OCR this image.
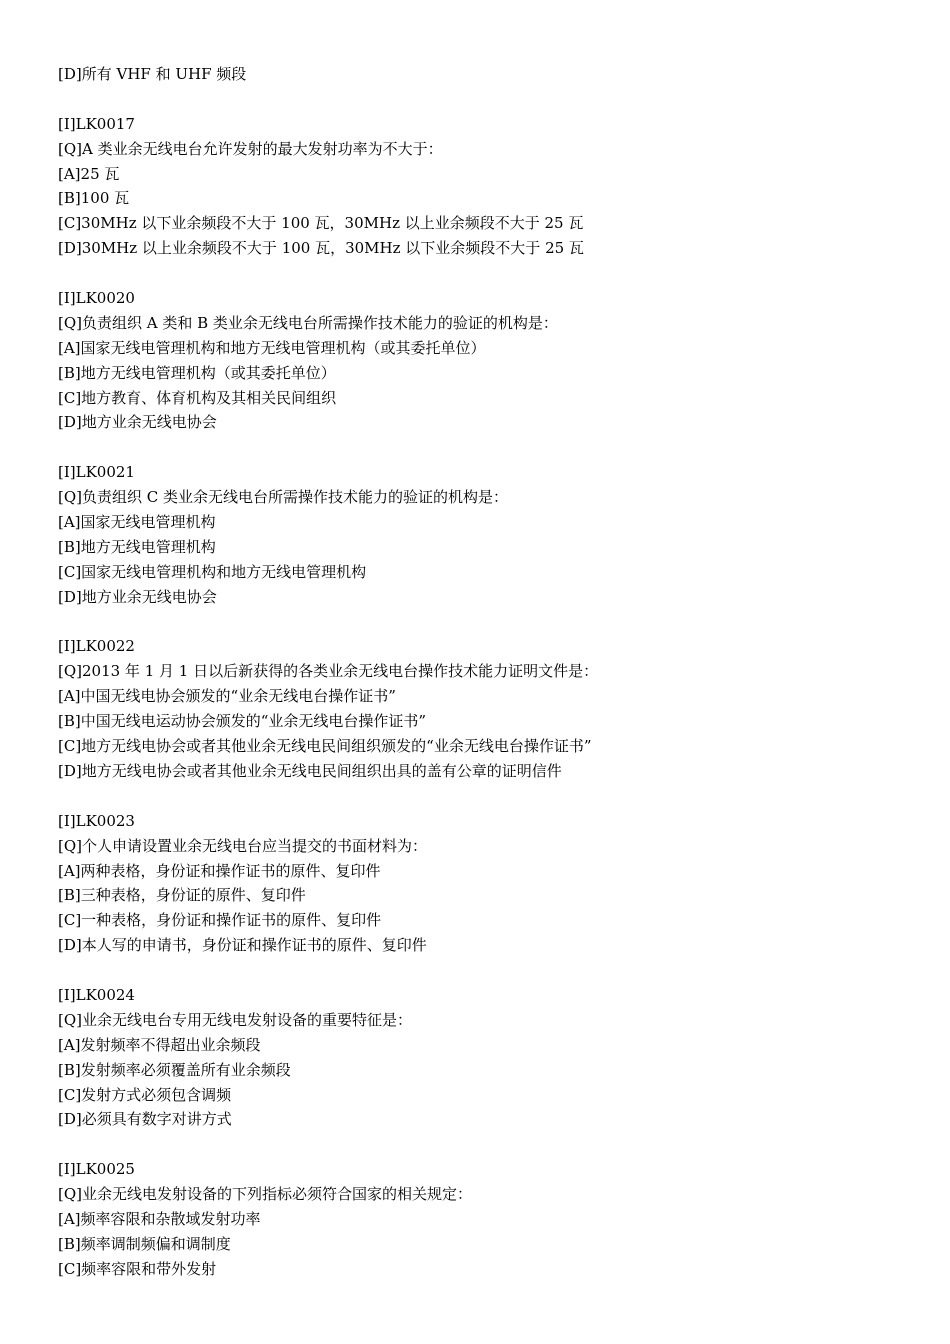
[D]所有 VHF 和 UHF 频段
[I]LK0017
[Q]A 类业余无线电台允许发射的最大发射功率为不大于：
[A]25 瓦
[B]100 瓦
[C]30MHz 以下业余频段不大于 100 瓦，30MHz 以上业余频段不大于 25 瓦
[D]30MHz 以上业余频段不大于 100 瓦，30MHz 以下业余频段不大于 25 瓦
[I]LK0020
[Q]负责组织 A 类和 B 类业余无线电台所需操作技术能力的验证的机构是：
[A]国家无线电管理机构和地方无线电管理机构（或其委托单位）
[B]地方无线电管理机构（或其委托单位）
[C]地方教育、体育机构及其相关民间组织
[D]地方业余无线电协会
[I]LK0021
[Q]负责组织 C 类业余无线电台所需操作技术能力的验证的机构是：
[A]国家无线电管理机构
[B]地方无线电管理机构
[C]国家无线电管理机构和地方无线电管理机构
[D]地方业余无线电协会
[I]LK0022
[Q]2013 年 1 月 1 日以后新获得的各类业余无线电台操作技术能力证明文件是：
[A]中国无线电协会颁发的“业余无线电台操作证书”
[B]中国无线电运动协会颁发的“业余无线电台操作证书”
[C]地方无线电协会或者其他业余无线电民间组织颁发的“业余无线电台操作证书”
[D]地方无线电协会或者其他业余无线电民间组织出具的盖有公章的证明信件
[I]LK0023
[Q]个人申请设置业余无线电台应当提交的书面材料为：
[A]两种表格，身份证和操作证书的原件、复印件
[B]三种表格，身份证的原件、复印件
[C]一种表格，身份证和操作证书的原件、复印件
[D]本人写的申请书，身份证和操作证书的原件、复印件
[I]LK0024
[Q]业余无线电台专用无线电发射设备的重要特征是：
[A]发射频率不得超出业余频段
[B]发射频率必须覆盖所有业余频段
[C]发射方式必须包含调频
[D]必须具有数字对讲方式
[I]LK0025
[Q]业余无线电发射设备的下列指标必须符合国家的相关规定：
[A]频率容限和杂散域发射功率
[B]频率调制频偏和调制度
[C]频率容限和带外发射
